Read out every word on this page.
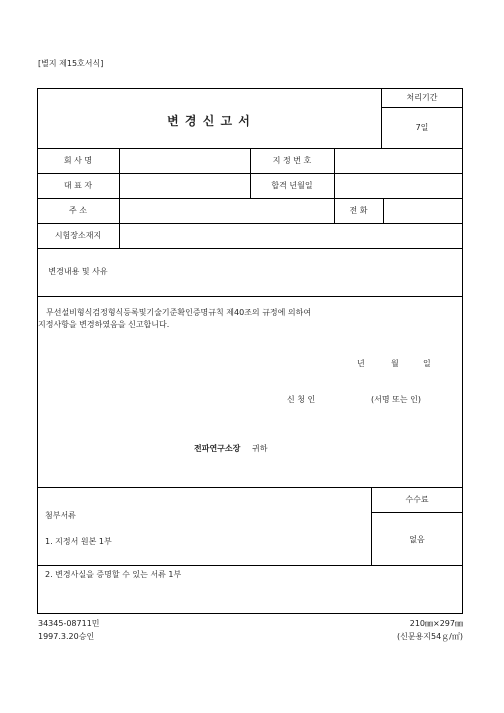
[별지 제15호서식]
변 경 신 고 서
처리기간
7일
회 사 명	지 정 번 호
대 표 자	합격 년월일
주 소	전 화
시험장소재지
변경내용 및 사유
무선설비형식검정형식등록및기술기준확인증명규칙 제40조의 규정에 의하여
지정사항을 변경하였음을 신고합니다.
년	월	일
신 청 인	(서명 또는 인)
전파연구소장 귀하
첨부서류
1. 지정서 원본 1부
2. 변경사실을 증명할 수 있는 서류 1부
수수료
없음
34345-08711민
1997.3.20승인
210㎜×297㎜
(신문용지54ｇ/㎡)
